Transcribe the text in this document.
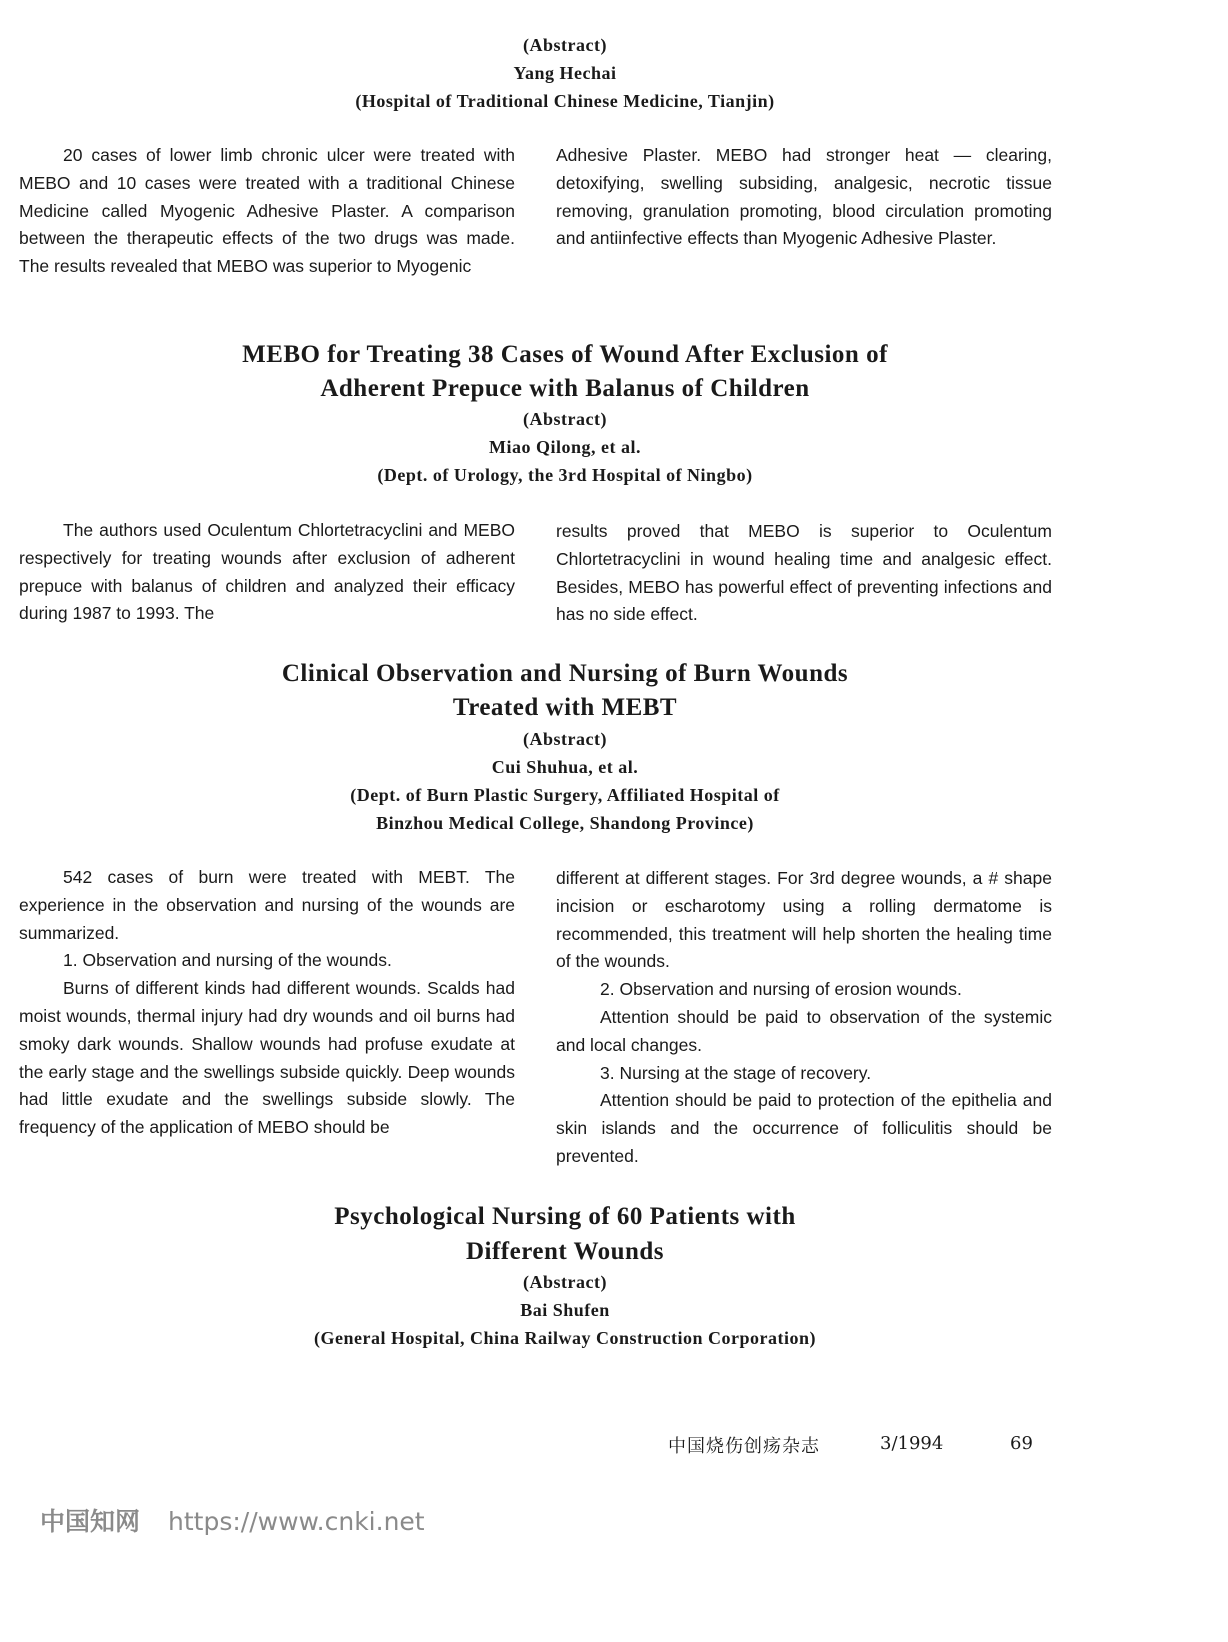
(Abstract)
Yang Hechai
(Hospital of Traditional Chinese Medicine, Tianjin)

20 cases of lower limb chronic ulcer were treated with MEBO and 10 cases were treated with a traditional Chinese Medicine called Myogenic Adhesive Plaster. A comparison between the therapeutic effects of the two drugs was made. The results revealed that MEBO was superior to Myogenic

Adhesive Plaster. MEBO had stronger heat — clearing, detoxifying, swelling subsiding, analgesic, necrotic tissue removing, granulation promoting, blood circulation promoting and antiinfective effects than Myogenic Adhesive Plaster.

MEBO for Treating 38 Cases of Wound After Exclusion of
Adherent Prepuce with Balanus of Children
(Abstract)
Miao Qilong, et al.
(Dept. of Urology, the 3rd Hospital of Ningbo)

The authors used Oculentum Chlortetracyclini and MEBO respectively for treating wounds after exclusion of adherent prepuce with balanus of children and analyzed their efficacy during 1987 to 1993. The

results proved that MEBO is superior to Oculentum Chlortetracyclini in wound healing time and analgesic effect. Besides, MEBO has powerful effect of preventing infections and has no side effect.

Clinical Observation and Nursing of Burn Wounds
Treated with MEBT
(Abstract)
Cui Shuhua, et al.
(Dept. of Burn Plastic Surgery, Affiliated Hospital of
Binzhou Medical College, Shandong Province)

542 cases of burn were treated with MEBT. The experience in the observation and nursing of the wounds are summarized.

1. Observation and nursing of the wounds.

Burns of different kinds had different wounds. Scalds had moist wounds, thermal injury had dry wounds and oil burns had smoky dark wounds. Shallow wounds had profuse exudate at the early stage and the swellings subside quickly. Deep wounds had little exudate and the swellings subside slowly. The frequency of the application of MEBO should be

different at different stages. For 3rd degree wounds, a # shape incision or escharotomy using a rolling dermatome is recommended, this treatment will help shorten the healing time of the wounds.

2. Observation and nursing of erosion wounds.

Attention should be paid to observation of the systemic and local changes.

3. Nursing at the stage of recovery.

Attention should be paid to protection of the epithelia and skin islands and the occurrence of folliculitis should be prevented.

Psychological Nursing of 60 Patients with
Different Wounds
(Abstract)
Bai Shufen
(General Hospital, China Railway Construction Corporation)
中国烧伤创疡杂志	3/1994	69
中国知网 https://www.cnki.net
